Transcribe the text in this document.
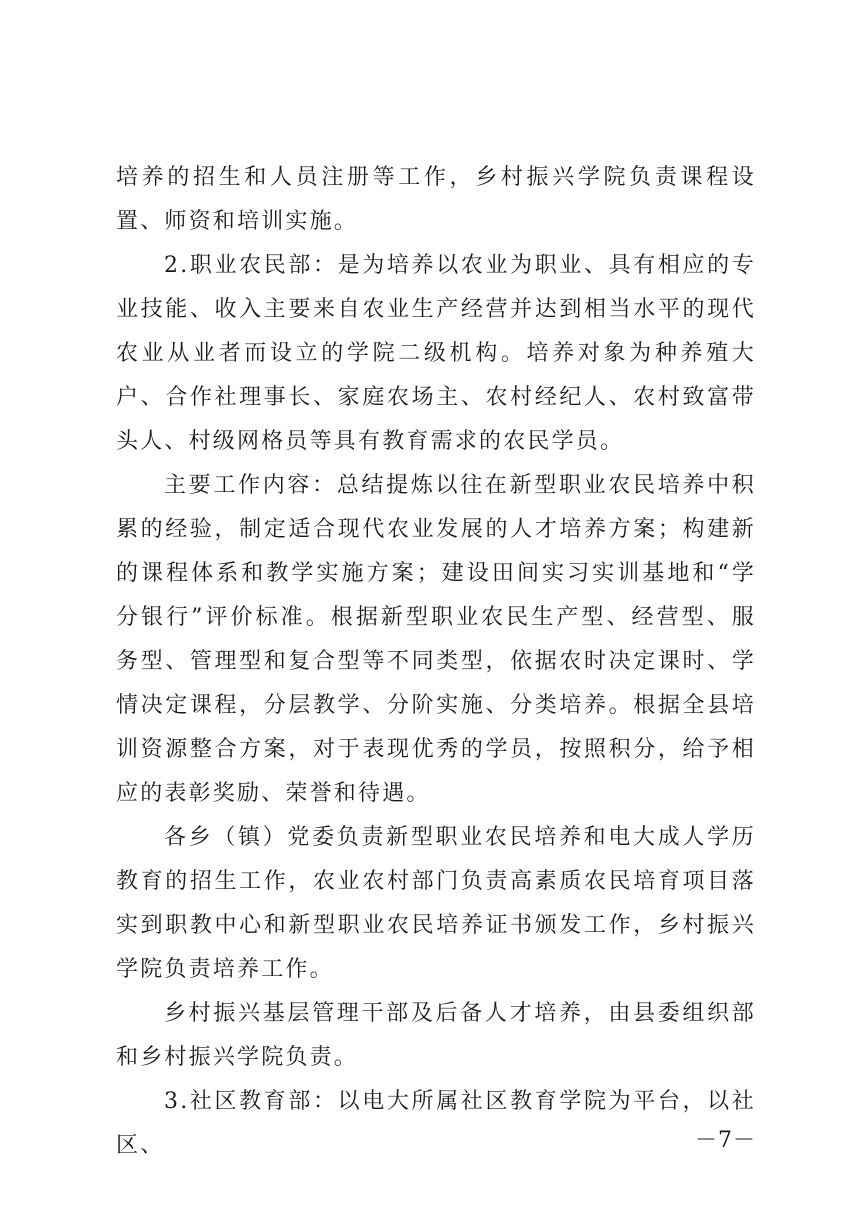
培养的招生和人员注册等工作，乡村振兴学院负责课程设置、师资和培训实施。

2.职业农民部：是为培养以农业为职业、具有相应的专业技能、收入主要来自农业生产经营并达到相当水平的现代农业从业者而设立的学院二级机构。培养对象为种养殖大户、合作社理事长、家庭农场主、农村经纪人、农村致富带头人、村级网格员等具有教育需求的农民学员。

主要工作内容：总结提炼以往在新型职业农民培养中积累的经验，制定适合现代农业发展的人才培养方案；构建新的课程体系和教学实施方案；建设田间实习实训基地和“学分银行”评价标准。根据新型职业农民生产型、经营型、服务型、管理型和复合型等不同类型，依据农时决定课时、学情决定课程，分层教学、分阶实施、分类培养。根据全县培训资源整合方案，对于表现优秀的学员，按照积分，给予相应的表彰奖励、荣誉和待遇。

各乡（镇）党委负责新型职业农民培养和电大成人学历教育的招生工作，农业农村部门负责高素质农民培育项目落实到职教中心和新型职业农民培养证书颁发工作，乡村振兴学院负责培养工作。

乡村振兴基层管理干部及后备人才培养，由县委组织部和乡村振兴学院负责。

3.社区教育部：以电大所属社区教育学院为平台，以社区、	－7－
